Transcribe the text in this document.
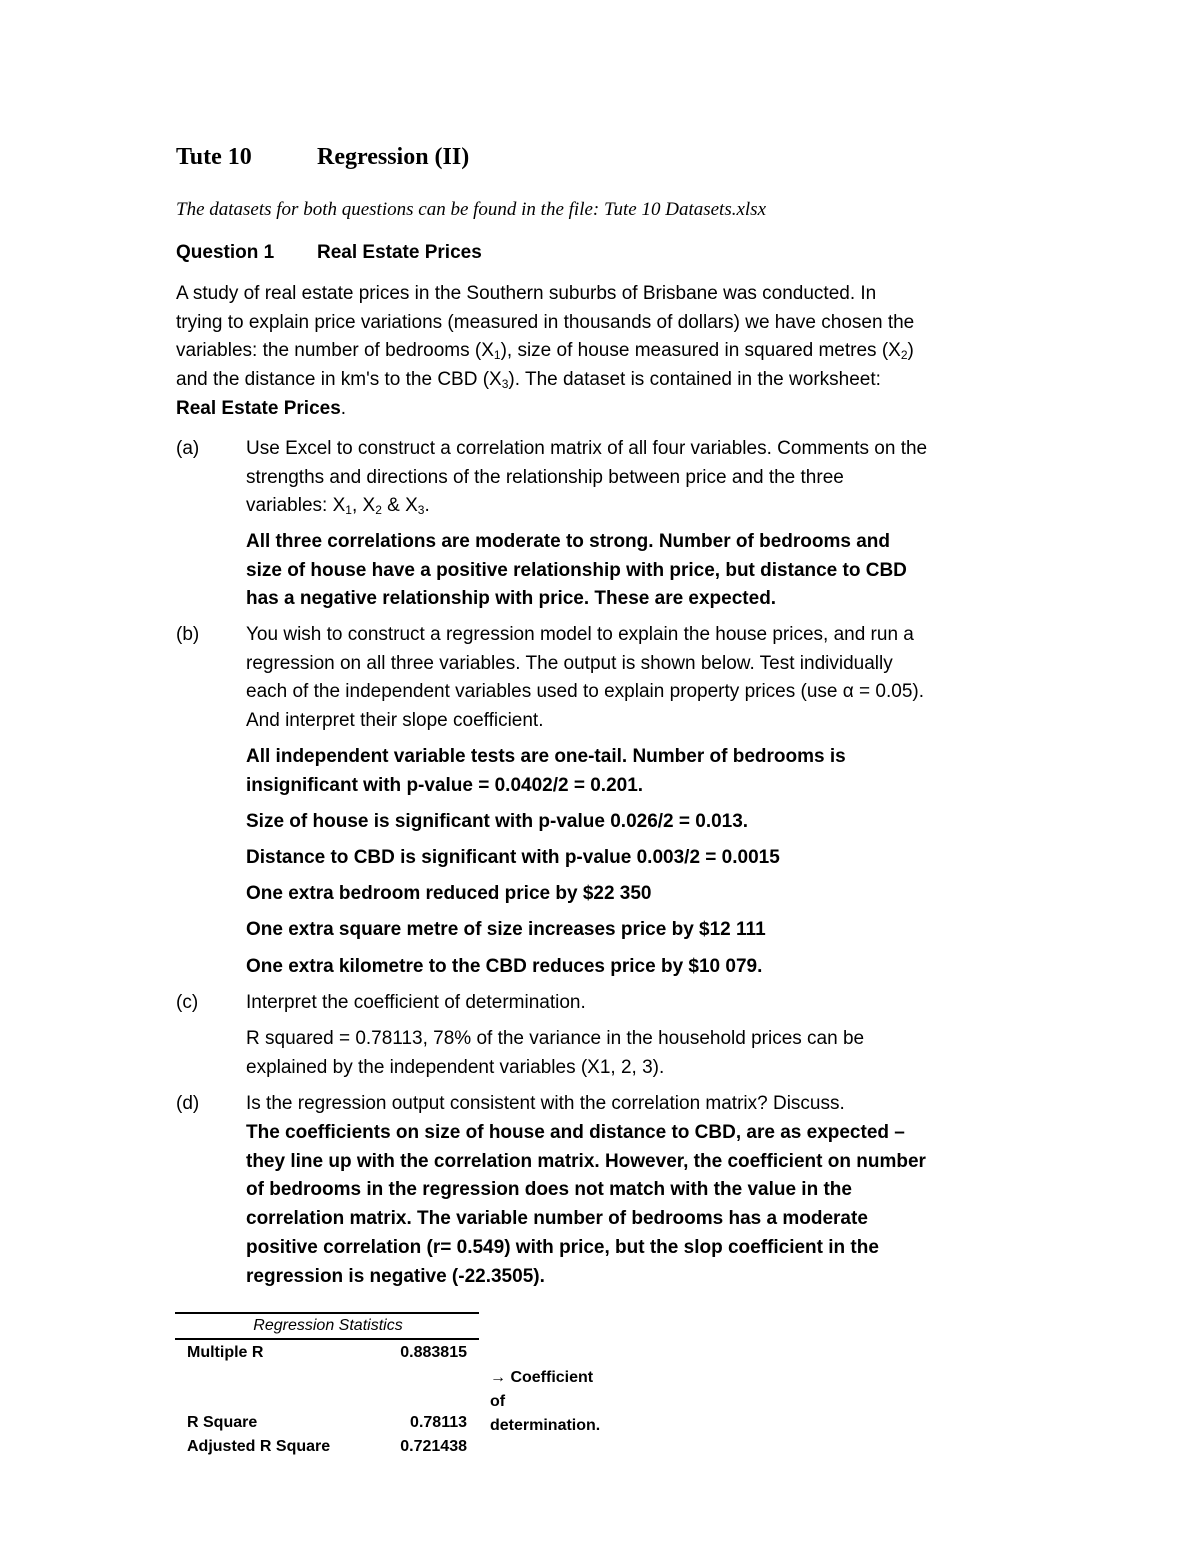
Tute 10	Regression (II)
The datasets for both questions can be found in the file: Tute 10 Datasets.xlsx
Question 1 Real Estate Prices
A study of real estate prices in the Southern suburbs of Brisbane was conducted. In
trying to explain price variations (measured in thousands of dollars) we have chosen the
variables: the number of bedrooms $(X_1)$, size of house measured in squared metres $(X_2)$
and the distance in km's to the CBD $(X_3)$. The dataset is contained in the worksheet:
Real Estate Prices.
(a) Use Excel to construct a correlation matrix of all four variables. Comments on the
strengths and directions of the relationship between price and the three
variables: $X_1$, $X_2$ & $X_3$.
All three correlations are moderate to strong. Number of bedrooms and
size of house have a positive relationship with price, but distance to CBD
has a negative relationship with price. These are expected.
(b) You wish to construct a regression model to explain the house prices, and run a
regression on all three variables. The output is shown below. Test individually
each of the independent variables used to explain property prices (use α = 0.05).
And interpret their slope coefficient.
All independent variable tests are one-tail. Number of bedrooms is
insignificant with p-value = 0.0402/2 = 0.201.
Size of house is significant with p-value 0.026/2 = 0.013.
Distance to CBD is significant with p-value 0.003/2 = 0.0015
One extra bedroom reduced price by $22 350
One extra square metre of size increases price by $12 111
One extra kilometre to the CBD reduces price by $10 079.
(c)	Interpret the coefficient of determination.
R squared = 0.78113, 78% of the variance in the household prices can be
explained by the independent variables (X1, 2, 3).
(d) Is the regression output consistent with the correlation matrix? Discuss.
The coefficients on size of house and distance to CBD, are as expected –
they line up with the correlation matrix. However, the coefficient on number
of bedrooms in the regression does not match with the value in the
correlation matrix. The variable number of bedrooms has a moderate
positive correlation (r= 0.549) with price, but the slop coefficient in the
regression is negative (-22.3505).
Regression Statistics
Multiple R	0.883815
R Square	0.78113
Adjusted R Square	0.721438
→ Coefficient
of
determination.
